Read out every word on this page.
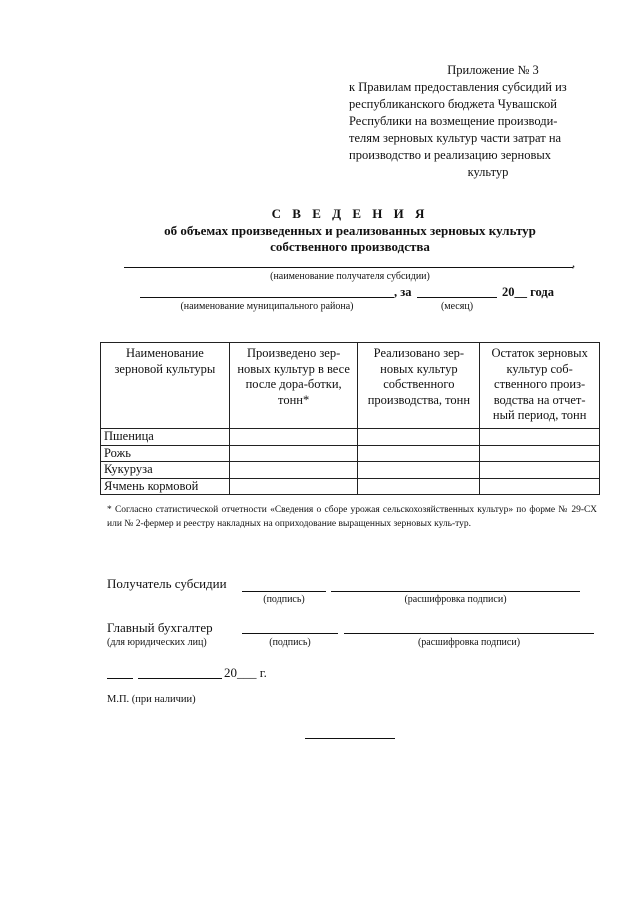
Приложение № 3
к Правилам предоставления субсидий из
республиканского бюджета Чувашской
Республики на возмещение производи-
телям зерновых культур части затрат на
производство и реализацию зерновых
культур
С В Е Д Е Н И Я
об объемах произведенных и реализованных зерновых культур
собственного производства
,
(наименование получателя субсидии)
, за	20__ года
(наименование муниципального района)	(месяц)
Наименование зерновой культуры	Произведено зер-новых культур в весе после дора-ботки, тонн*	Реализовано зер-новых культур собственного производства, тонн	Остаток зерновых культур соб-ственного произ-водства на отчет-ный период, тонн
Пшеница			
Рожь			
Кукуруза			
Ячмень кормовой			
* Согласно статистической отчетности «Сведения о сборе урожая сельскохозяйственных культур» по форме № 29-СХ или № 2-фермер и реестру накладных на оприходование выращенных зерновых куль-тур.
Получатель субсидии
(подпись)	(расшифровка подписи)
Главный бухгалтер
(для юридических лиц)	(подпись)	(расшифровка подписи)
20___ г.
М.П. (при наличии)
